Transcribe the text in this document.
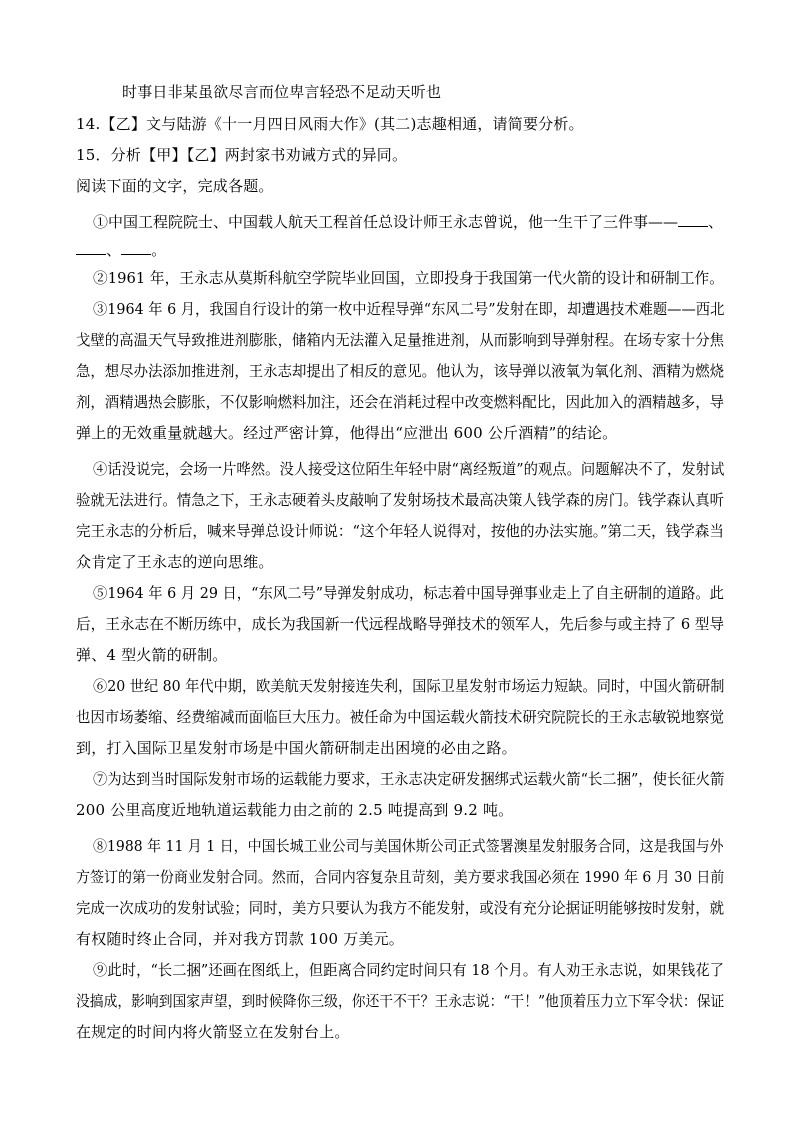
时事日非某虽欲尽言而位卑言轻恐不足动天听也
14.【乙】文与陆游《十一月四日风雨大作》(其二)志趣相通，请简要分析。
15．分析【甲】【乙】两封家书劝诫方式的异同。
阅读下面的文字，完成各题。
①中国工程院院士、中国载人航天工程首任总设计师王永志曾说，他一生干了三件事—— 、
、 。
②1961 年，王永志从莫斯科航空学院毕业回国，立即投身于我国第一代火箭的设计和研制工作。
③1964 年 6 月，我国自行设计的第一枚中近程导弹“东风二号”发射在即，却遭遇技术难题——西北
戈壁的高温天气导致推进剂膨胀，储箱内无法灌入足量推进剂，从而影响到导弹射程。在场专家十分焦
急，想尽办法添加推进剂，王永志却提出了相反的意见。他认为，该导弹以液氧为氧化剂、酒精为燃烧
剂，酒精遇热会膨胀，不仅影响燃料加注，还会在消耗过程中改变燃料配比，因此加入的酒精越多，导
弹上的无效重量就越大。经过严密计算，他得出“应泄出 600 公斤酒精”的结论。
④话没说完，会场一片哗然。没人接受这位陌生年轻中尉“离经叛道”的观点。问题解决不了，发射试
验就无法进行。情急之下，王永志硬着头皮敲响了发射场技术最高决策人钱学森的房门。钱学森认真听
完王永志的分析后，喊来导弹总设计师说：“这个年轻人说得对，按他的办法实施。”第二天，钱学森当
众肯定了王永志的逆向思维。
⑤1964 年 6 月 29 日，“东风二号”导弹发射成功，标志着中国导弹事业走上了自主研制的道路。此
后，王永志在不断历练中，成长为我国新一代远程战略导弹技术的领军人，先后参与或主持了 6 型导
弹、4 型火箭的研制。
⑥20 世纪 80 年代中期，欧美航天发射接连失利，国际卫星发射市场运力短缺。同时，中国火箭研制
也因市场萎缩、经费缩减而面临巨大压力。被任命为中国运载火箭技术研究院院长的王永志敏锐地察觉
到，打入国际卫星发射市场是中国火箭研制走出困境的必由之路。
⑦为达到当时国际发射市场的运载能力要求，王永志决定研发捆绑式运载火箭“长二捆”，使长征火箭
200 公里高度近地轨道运载能力由之前的 2.5 吨提高到 9.2 吨。
⑧1988 年 11 月 1 日，中国长城工业公司与美国休斯公司正式签署澳星发射服务合同，这是我国与外
方签订的第一份商业发射合同。然而，合同内容复杂且苛刻，美方要求我国必须在 1990 年 6 月 30 日前
完成一次成功的发射试验；同时，美方只要认为我方不能发射，或没有充分论据证明能够按时发射，就
有权随时终止合同，并对我方罚款 100 万美元。
⑨此时，“长二捆”还画在图纸上，但距离合同约定时间只有 18 个月。有人劝王永志说，如果钱花了
没搞成，影响到国家声望，到时候降你三级，你还干不干？王永志说：“干！”他顶着压力立下军令状：保证
在规定的时间内将火箭竖立在发射台上。
